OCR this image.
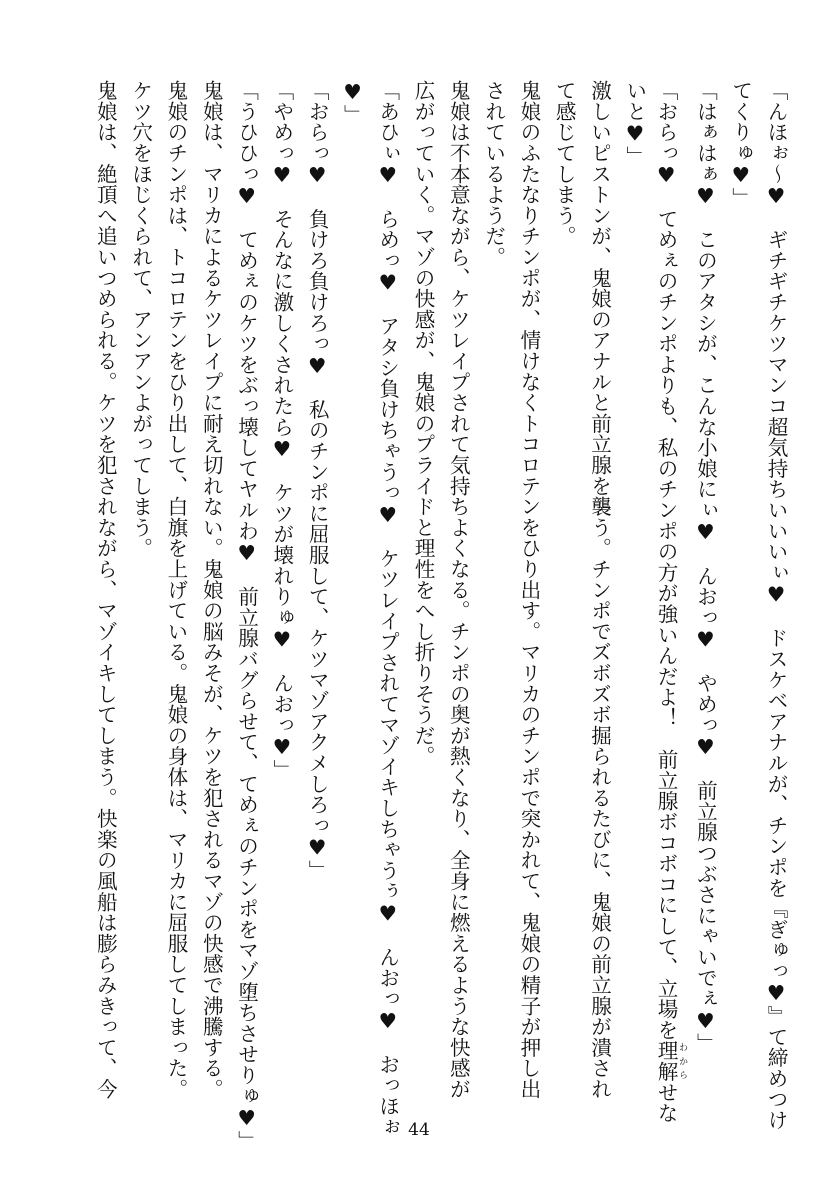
「んほぉ～♥　ギチギチケツマンコ超気持ちいいいぃ♥　ドスケベアナルが、チンポを『ぎゅっ♥』て締めつけ
てくりゅ♥」
「はぁはぁ♥　このアタシが、こんな小娘にぃ♥　んおっ♥　やめっ♥　前立腺つぶさにゃいでぇ♥」
「おらっ♥　てめぇのチンポよりも、私のチンポの方が強いんだよ！　前立腺ボコボコにして、立場を理解 わからせな
いと♥」
激しいピストンが、鬼娘のアナルと前立腺を襲う。チンポでズボズボ掘られるたびに、鬼娘の前立腺が潰され
て感じてしまう。
鬼娘のふたなりチンポが、情けなくトコロテンをひり出す。マリカのチンポで突かれて、鬼娘の精子が押し出
されているようだ。
鬼娘は不本意ながら、ケツレイプされて気持ちよくなる。チンポの奥が熱くなり、全身に燃えるような快感が
広がっていく。マゾの快感が、鬼娘のプライドと理性をへし折りそうだ。
「あひぃ♥　らめっ♥　アタシ負けちゃうっ♥　ケツレイプされてマゾイキしちゃうぅ♥　んおっ♥　おっほぉ
♥」
「おらっ♥　負けろ負けろっ♥　私のチンポに屈服して、ケツマゾアクメしろっ♥」
「やめっ♥　そんなに激しくされたら♥　ケツが壊れりゅ♥　んおっ♥」
「うひひっ♥　てめぇのケツをぶっ壊してヤルわ♥　前立腺バグらせて、てめぇのチンポをマゾ堕ちさせりゅ♥」
鬼娘は、マリカによるケツレイプに耐え切れない。鬼娘の脳みそが、ケツを犯されるマゾの快感で沸騰する。
鬼娘のチンポは、トコロテンをひり出して、白旗を上げている。鬼娘の身体は、マリカに屈服してしまった。
ケツ穴をほじくられて、アンアンよがってしまう。
鬼娘は、絶頂へ追いつめられる。ケツを犯されながら、マゾイキしてしまう。快楽の風船は膨らみきって、今
44
